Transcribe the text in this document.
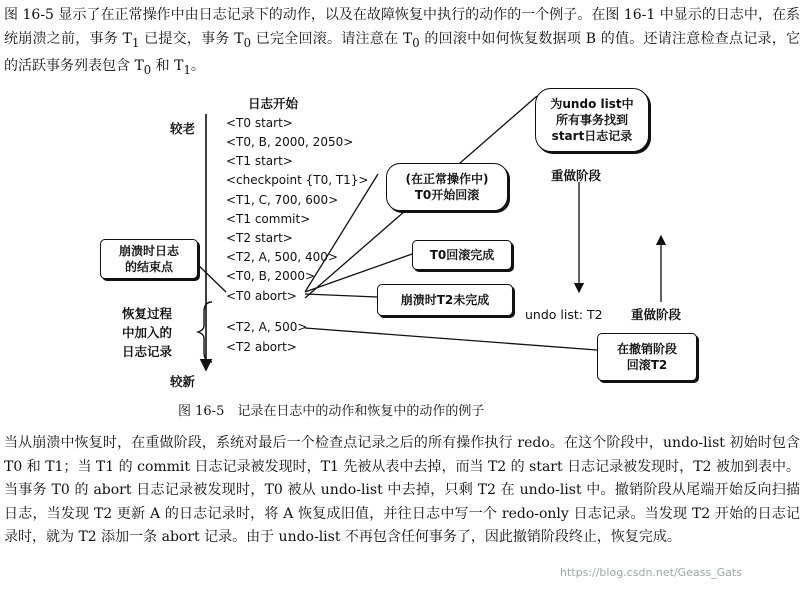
图 16-5 显示了在正常操作中由日志记录下的动作，以及在故障恢复中执行的动作的一个例子。在图 16-1 中显示的日志中，在系统崩溃之前，事务 $T_1$ 已提交，事务 $T_0$ 已完全回滚。请注意在 $T_0$ 的回滚中如何恢复数据项 B 的值。还请注意检查点记录，它的活跃事务列表包含 $T_0$ 和 $T_1$。
日志开始
较老
较新
<T0 start>
<T0, B, 2000, 2050>
<T1 start>
<checkpoint {T0, T1}>
<T1, C, 700, 600>
<T1 commit>
<T2 start>
<T2, A, 500, 400>
<T0, B, 2000>
<T0 abort>
<T2, A, 500>
<T2 abort>
崩溃时日志
的结束点
恢复过程
中加入的
日志记录
(在正常操作中)
T0开始回滚
T0回滚完成
崩溃时T2未完成
在撤销阶段
回滚T2
为undo list中
所有事务找到
start日志记录
重做阶段
重做阶段
undo list: T2
图 16-5　记录在日志中的动作和恢复中的动作的例子
当从崩溃中恢复时，在重做阶段，系统对最后一个检查点记录之后的所有操作执行 redo。在这个阶段中，undo-list 初始时包含 T0 和 T1；当 T1 的 commit 日志记录被发现时，T1 先被从表中去掉，而当 T2 的 start 日志记录被发现时，T2 被加到表中。当事务 T0 的 abort 日志记录被发现时，T0 被从 undo-list 中去掉，只剩 T2 在 undo-list 中。撤销阶段从尾端开始反向扫描日志，当发现 T2 更新 A 的日志记录时，将 A 恢复成旧值，并往日志中写一个 redo-only 日志记录。当发现 T2 开始的日志记录时，就为 T2 添加一条 abort 记录。由于 undo-list 不再包含任何事务了，因此撤销阶段终止，恢复完成。
https://blog.csdn.net/Geass_Gats
